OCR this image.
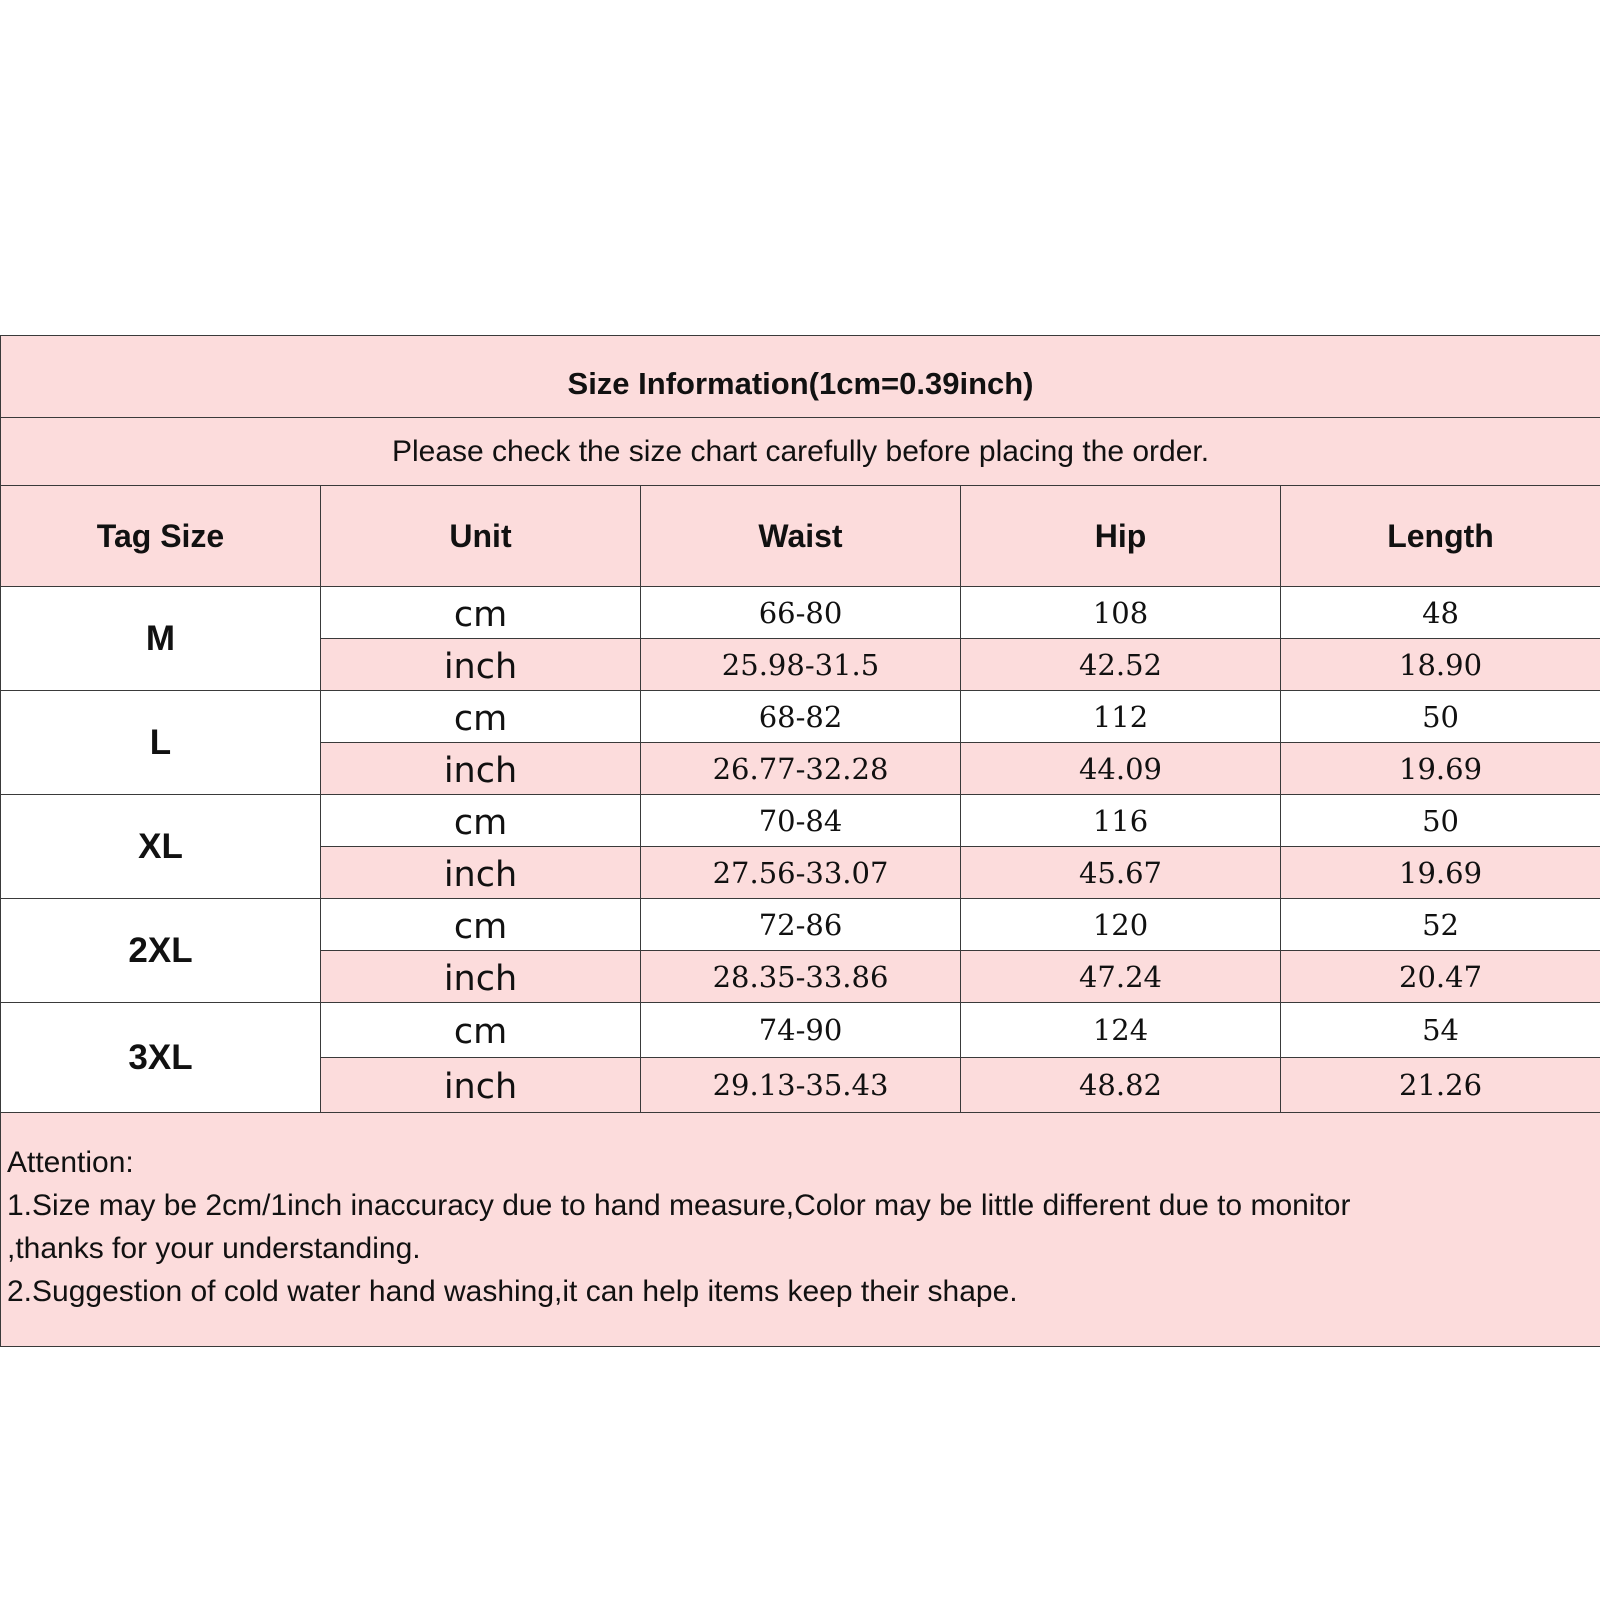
Size Information(1cm=0.39inch)				
Please check the size chart carefully before placing the order.				
Tag Size	Unit	Waist	Hip	Length
M	cm	66-80	108	48
	inch	25.98-31.5	42.52	18.90
L	cm	68-82	112	50
	inch	26.77-32.28	44.09	19.69
XL	cm	70-84	116	50
	inch	27.56-33.07	45.67	19.69
2XL	cm	72-86	120	52
	inch	28.35-33.86	47.24	20.47
3XL	cm	74-90	124	54
	inch	29.13-35.43	48.82	21.26

Attention:
1.Size may be 2cm/1inch inaccuracy due to hand measure,Color may be little different due to monitor
,thanks for your understanding.
2.Suggestion of cold water hand washing,it can help items keep their shape.				
